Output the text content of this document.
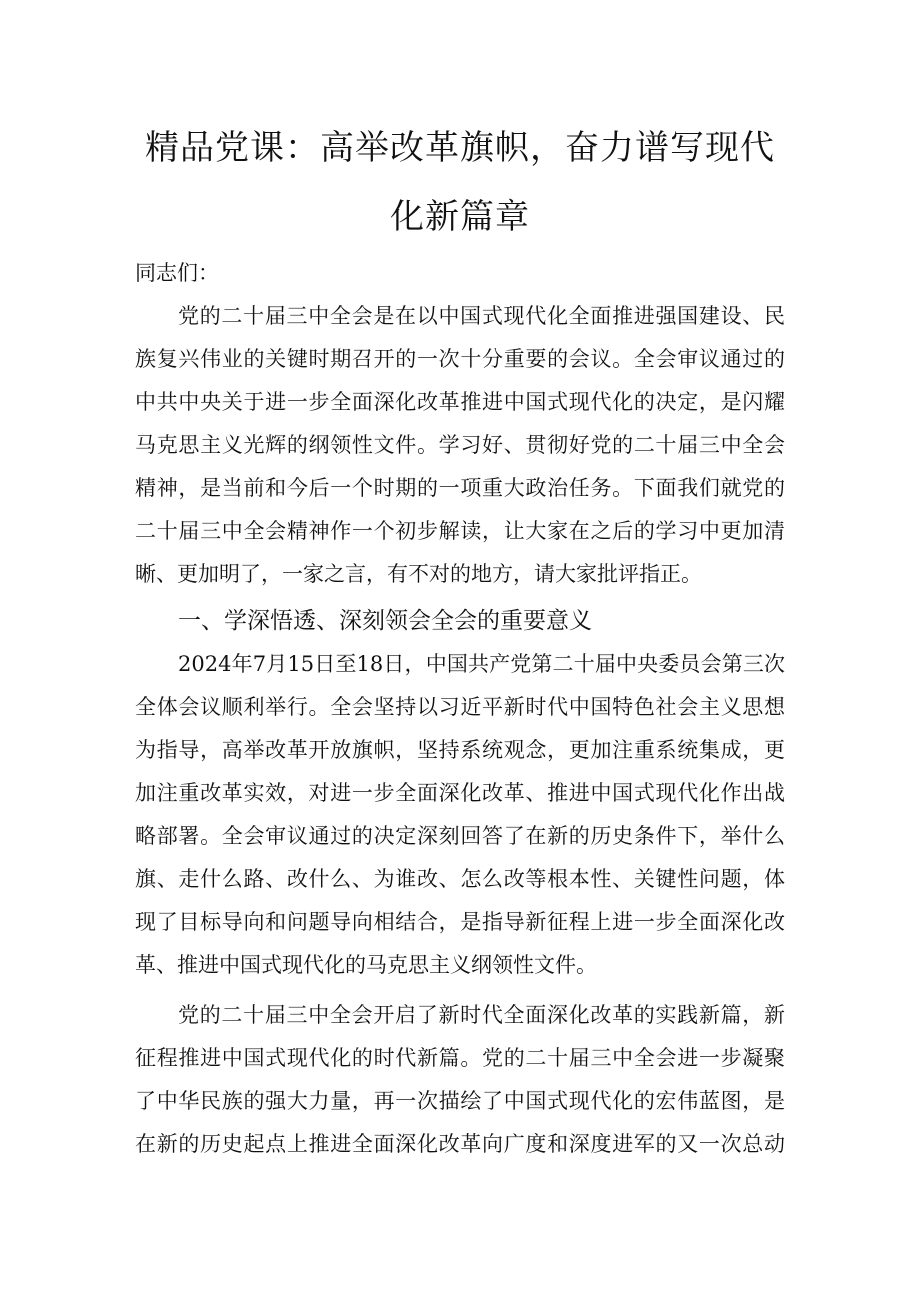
精品党课：高举改革旗帜，奋力谱写现代
化新篇章
同志们：
党的二十届三中全会是在以中国式现代化全面推进强国建设、民
族复兴伟业的关键时期召开的一次十分重要的会议。全会审议通过的
中共中央关于进一步全面深化改革推进中国式现代化的决定，是闪耀
马克思主义光辉的纲领性文件。学习好、贯彻好党的二十届三中全会
精神，是当前和今后一个时期的一项重大政治任务。下面我们就党的
二十届三中全会精神作一个初步解读，让大家在之后的学习中更加清
晰、更加明了，一家之言，有不对的地方，请大家批评指正。
一、学深悟透、深刻领会全会的重要意义
2024年7月15日至18日，中国共产党第二十届中央委员会第三次
全体会议顺利举行。全会坚持以习近平新时代中国特色社会主义思想
为指导，高举改革开放旗帜，坚持系统观念，更加注重系统集成，更
加注重改革实效，对进一步全面深化改革、推进中国式现代化作出战
略部署。全会审议通过的决定深刻回答了在新的历史条件下，举什么
旗、走什么路、改什么、为谁改、怎么改等根本性、关键性问题，体
现了目标导向和问题导向相结合，是指导新征程上进一步全面深化改
革、推进中国式现代化的马克思主义纲领性文件。
党的二十届三中全会开启了新时代全面深化改革的实践新篇，新
征程推进中国式现代化的时代新篇。党的二十届三中全会进一步凝聚
了中华民族的强大力量，再一次描绘了中国式现代化的宏伟蓝图，是
在新的历史起点上推进全面深化改革向广度和深度进军的又一次总动
